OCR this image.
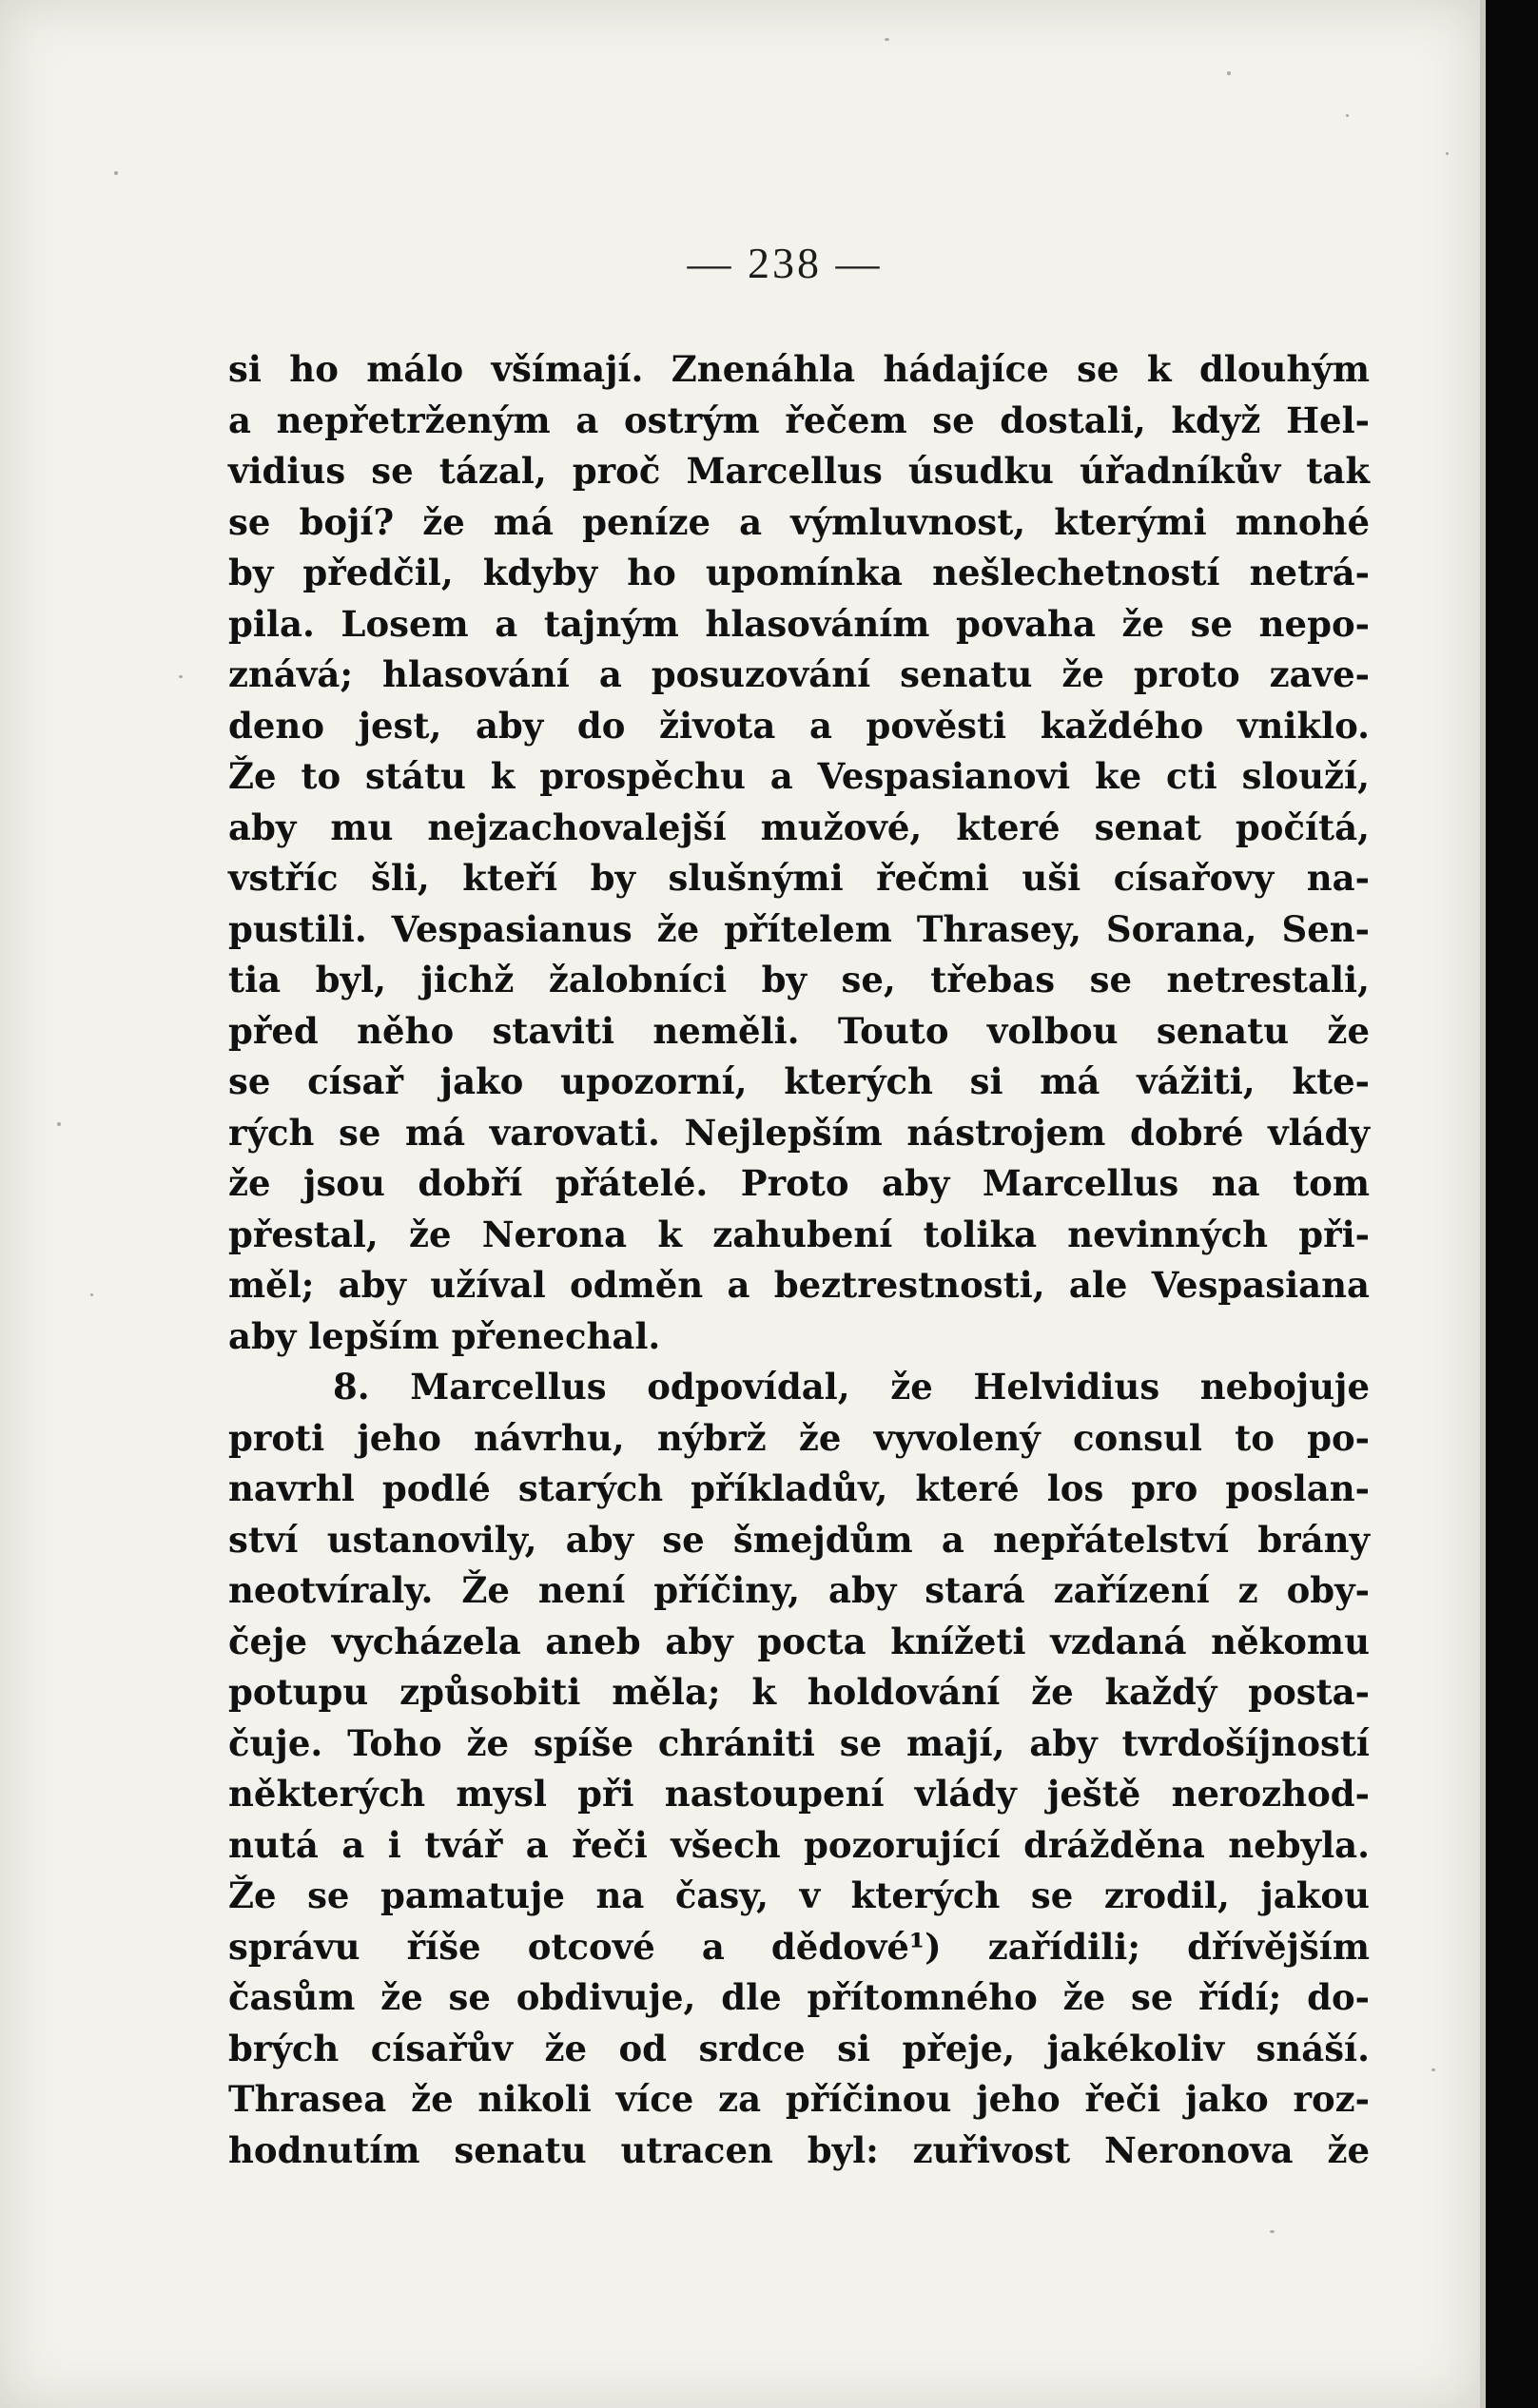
— 238 —
si ho málo všímají. Znenáhla hádajíce se k dlouhým
a nepřetrženým a ostrým řečem se dostali, když Hel-
vidius se tázal, proč Marcellus úsudku úřadníkův tak
se bojí? že má peníze a výmluvnost, kterými mnohé
by předčil, kdyby ho upomínka nešlechetností netrá-
pila. Losem a tajným hlasováním povaha že se nepo-
znává; hlasování a posuzování senatu že proto zave-
deno jest, aby do života a pověsti každého vniklo.
Že to státu k prospěchu a Vespasianovi ke cti slouží,
aby mu nejzachovalejší mužové, které senat počítá,
vstříc šli, kteří by slušnými řečmi uši císařovy na-
pustili. Vespasianus že přítelem Thrasey, Sorana, Sen-
tia byl, jichž žalobníci by se, třebas se netrestali,
před něho staviti neměli. Touto volbou senatu že
se císař jako upozorní, kterých si má vážiti, kte-
rých se má varovati. Nejlepším nástrojem dobré vlády
že jsou dobří přátelé. Proto aby Marcellus na tom
přestal, že Nerona k zahubení tolika nevinných při-
měl; aby užíval odměn a beztrestnosti, ale Vespasiana
aby lepším přenechal.
8. Marcellus odpovídal, že Helvidius nebojuje
proti jeho návrhu, nýbrž že vyvolený consul to po-
navrhl podlé starých příkladův, které los pro poslan-
ství ustanovily, aby se šmejdům a nepřátelství brány
neotvíraly. Že není příčiny, aby stará zařízení z oby-
čeje vycházela aneb aby pocta knížeti vzdaná někomu
potupu způsobiti měla; k holdování že každý posta-
čuje. Toho že spíše chrániti se mají, aby tvrdošíjností
některých mysl při nastoupení vlády ještě nerozhod-
nutá a i tvář a řeči všech pozorující drážděna nebyla.
Že se pamatuje na časy, v kterých se zrodil, jakou
správu říše otcové a dědové¹) zařídili; dřívějším
časům že se obdivuje, dle přítomného že se řídí; do-
brých císařův že od srdce si přeje, jakékoliv snáší.
Thrasea že nikoli více za příčinou jeho řeči jako roz-
hodnutím senatu utracen byl: zuřivost Neronova že
